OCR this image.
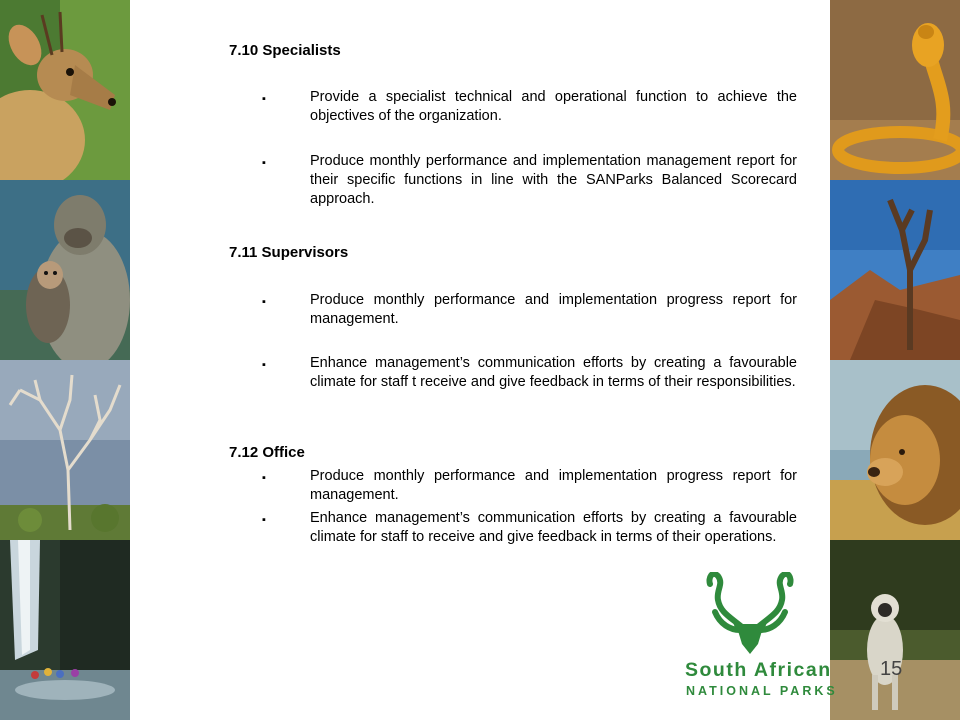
7.10 Specialists
▪	Provide a specialist technical and operational function to achieve the objectives of the organization.
▪	Produce monthly performance and implementation management report for their specific functions in line with the SANParks Balanced Scorecard approach.
7.11 Supervisors
▪	Produce monthly performance and implementation progress report for management.
▪	Enhance management’s communication efforts by creating a favourable climate for staff t receive and give feedback in terms of their responsibilities.
7.12 Office
▪	Produce monthly performance and implementation progress report for management.
▪	Enhance management’s communication efforts by creating a favourable climate for staff to receive and give feedback in terms of their operations.
South African
NATIONAL PARKS
15
